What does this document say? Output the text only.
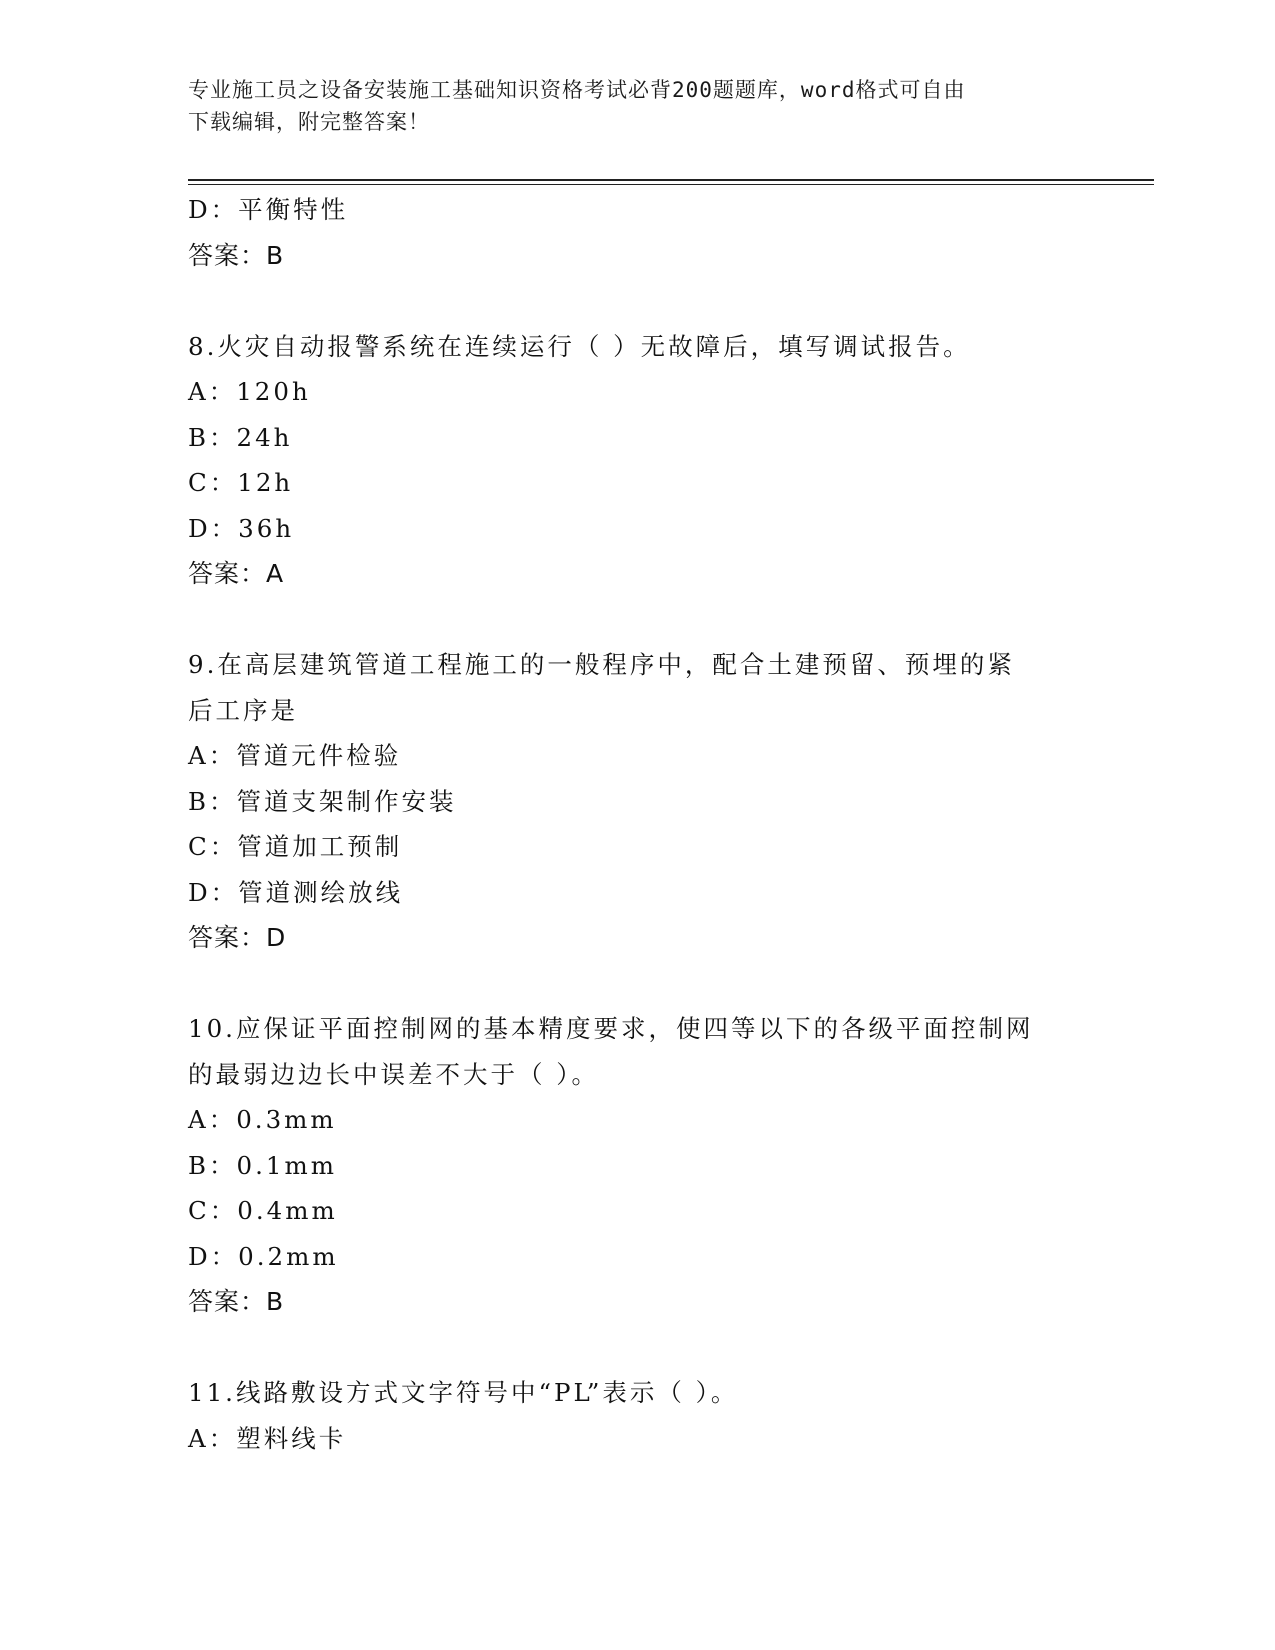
专业施工员之设备安装施工基础知识资格考试必背200题题库，word格式可自由
下载编辑，附完整答案！
D：平衡特性
答案：B
8.火灾自动报警系统在连续运行（ ）无故障后，填写调试报告。
A：120h
B：24h
C：12h
D：36h
答案：A
9.在高层建筑管道工程施工的一般程序中，配合土建预留、预埋的紧
后工序是
A：管道元件检验
B：管道支架制作安装
C：管道加工预制
D：管道测绘放线
答案：D
10.应保证平面控制网的基本精度要求，使四等以下的各级平面控制网
的最弱边边长中误差不大于（ ）。
A：0.3mm
B：0.1mm
C：0.4mm
D：0.2mm
答案：B
11.线路敷设方式文字符号中“PL”表示（ ）。
A：塑料线卡
